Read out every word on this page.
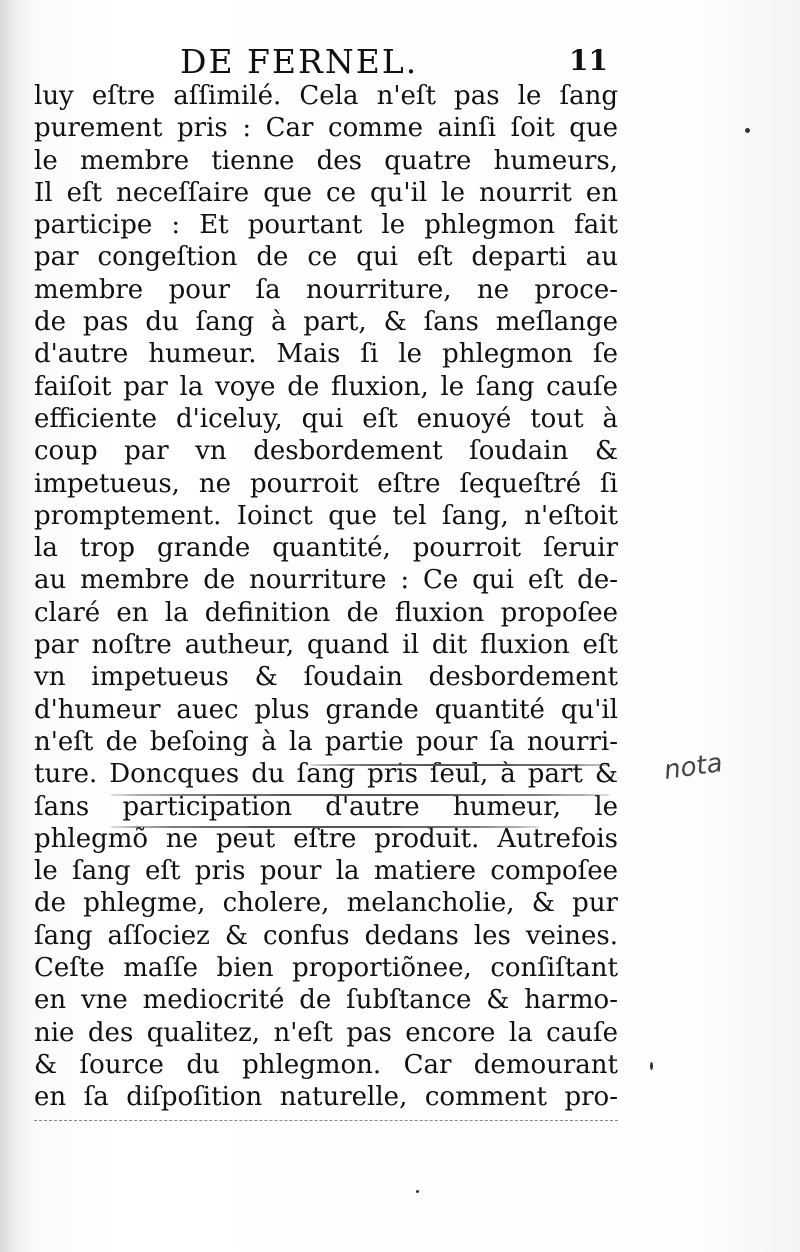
DE FERNEL.	11
luy eſtre aſſimilé. Cela n'eſt pas le ſang
purement pris : Car comme ainſi ſoit que
le membre tienne des quatre humeurs,
Il eſt neceſſaire que ce qu'il le nourrit en
participe : Et pourtant le phlegmon fait
par congeſtion de ce qui eſt departi au
membre pour ſa nourriture, ne proce-
de pas du ſang à part, & ſans meſlange
d'autre humeur. Mais ſi le phlegmon ſe
faiſoit par la voye de fluxion, le ſang cauſe
efficiente d'iceluy, qui eſt enuoyé tout à
coup par vn desbordement ſoudain &
impetueus, ne pourroit eſtre ſequeſtré ſi
promptement. Ioinct que tel ſang, n'eſtoit
la trop grande quantité, pourroit ſeruir
au membre de nourriture : Ce qui eſt de-
claré en la definition de fluxion propoſee
par noſtre autheur, quand il dit fluxion eſt
vn impetueus & ſoudain desbordement
d'humeur auec plus grande quantité qu'il
n'eſt de beſoing à la partie pour ſa nourri-
ture. Doncques du ſang pris ſeul, à part &
ſans participation d'autre humeur, le
phlegmõ ne peut eſtre produit. Autrefois
le ſang eſt pris pour la matiere compoſee
de phlegme, cholere, melancholie, & pur
ſang aſſociez & confus dedans les veines.
Ceſte maſſe bien proportiõnee, conſiſtant
en vne mediocrité de ſubſtance & harmo-
nie des qualitez, n'eſt pas encore la cauſe
& ſource du phlegmon. Car demourant
en ſa diſpoſition naturelle, comment pro-
nota
